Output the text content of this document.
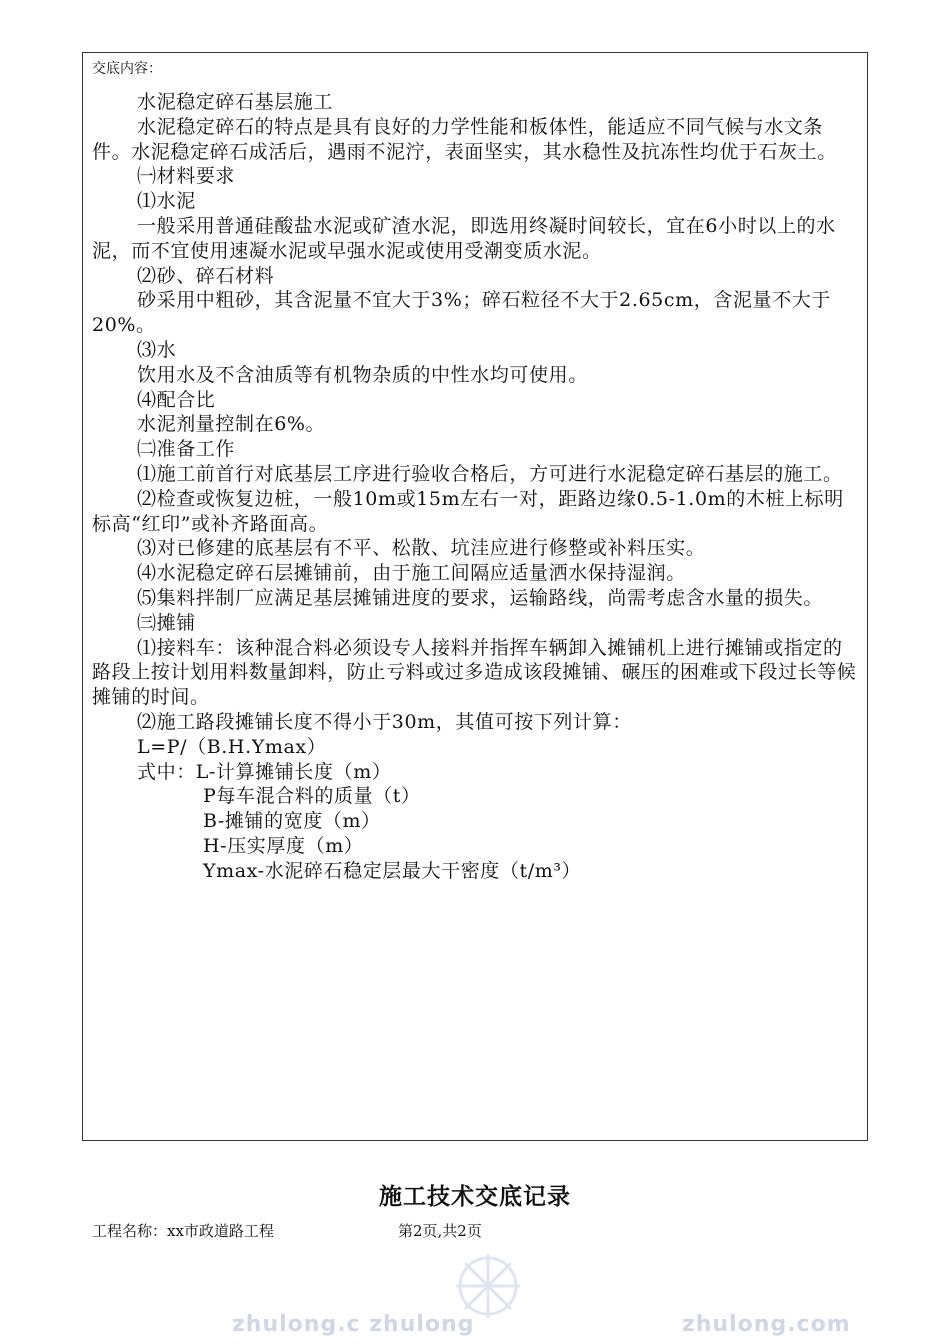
交底内容：

水泥稳定碎石基层施工

水泥稳定碎石的特点是具有良好的力学性能和板体性，能适应不同气候与水文条件。水泥稳定碎石成活后，遇雨不泥泞，表面坚实，其水稳性及抗冻性均优于石灰土。

㈠材料要求

⑴水泥

一般采用普通硅酸盐水泥或矿渣水泥，即选用终凝时间较长，宜在6小时以上的水泥，而不宜使用速凝水泥或早强水泥或使用受潮变质水泥。

⑵砂、碎石材料

砂采用中粗砂，其含泥量不宜大于3%；碎石粒径不大于2.65cm，含泥量不大于20%。

⑶水

饮用水及不含油质等有机物杂质的中性水均可使用。

⑷配合比

水泥剂量控制在6%。

㈡准备工作

⑴施工前首行对底基层工序进行验收合格后，方可进行水泥稳定碎石基层的施工。

⑵检查或恢复边桩，一般10m或15m左右一对，距路边缘0.5-1.0m的木桩上标明标高“红印”或补齐路面高。

⑶对已修建的底基层有不平、松散、坑洼应进行修整或补料压实。

⑷水泥稳定碎石层摊铺前，由于施工间隔应适量洒水保持湿润。

⑸集料拌制厂应满足基层摊铺进度的要求，运输路线，尚需考虑含水量的损失。

㈢摊铺

⑴接料车：该种混合料必须设专人接料并指挥车辆卸入摊铺机上进行摊铺或指定的路段上按计划用料数量卸料，防止亏料或过多造成该段摊铺、碾压的困难或下段过长等候摊铺的时间。

⑵施工路段摊铺长度不得小于30m，其值可按下列计算：

L=P/（B.H.Ymax）

式中：L-计算摊铺长度（m）

P每车混合料的质量（t）

B-摊铺的宽度（m）

H-压实厚度（m）

Ymax-水泥碎石稳定层最大干密度（t/m³）

施工技术交底记录
工程名称：xx市政道路工程	第2页,共2页
zhulong.c zhulong	zhulong.com
